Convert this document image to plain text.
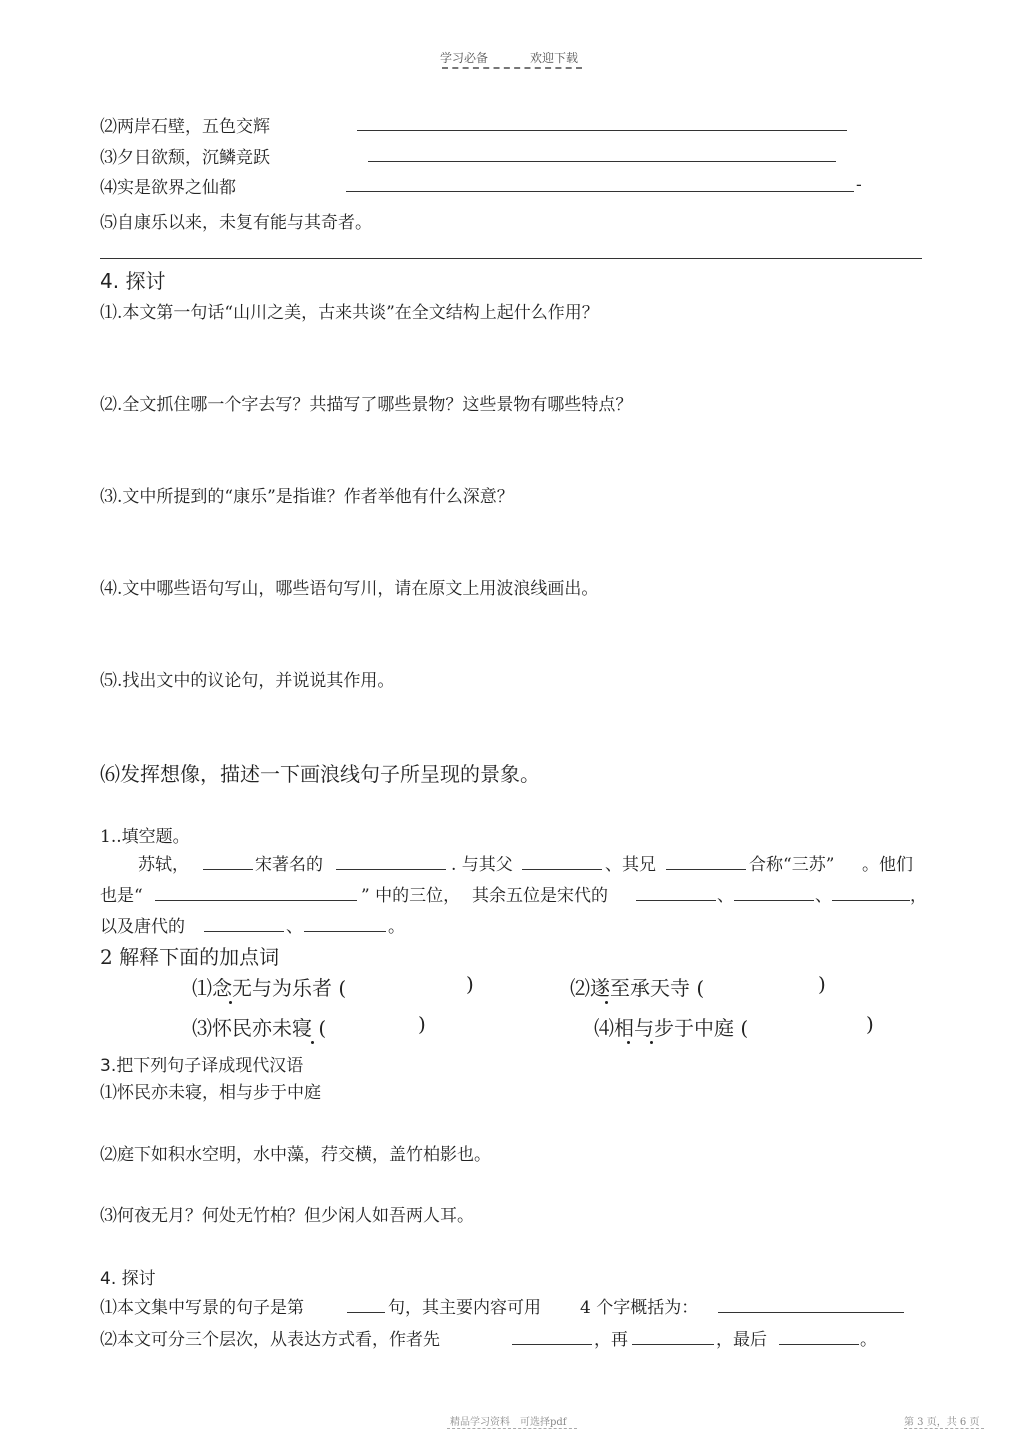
学习必备	欢迎下载
⑵两岸石壁，五色交辉
⑶夕日欲颓，沉鳞竞跃
⑷实是欲界之仙都	-
⑸自康乐以来，未复有能与其奇者。
4. 探讨
⑴.本文第一句话“山川之美，古来共谈”在全文结构上起什么作用？
⑵.全文抓住哪一个字去写？共描写了哪些景物？这些景物有哪些特点？
⑶.文中所提到的“康乐”是指谁？作者举他有什么深意？
⑷.文中哪些语句写山，哪些语句写川，请在原文上用波浪线画出。
⑸.找出文中的议论句，并说说其作用。
⑹发挥想像，描述一下画浪线句子所呈现的景象。
1..填空题。
苏轼，	宋著名的	. 与其父	、其兄	合称“三苏” 。他们
也是“	” 中的三位， 其余五位是宋代的	、	、	，
以及唐代的	、	。
2 解释下面的加点词
⑴念无与为乐者 (	)	⑵遂至承天寺 (	)
⑶怀民亦未寝 (	)	⑷相与步于中庭 (	)
3.把下列句子译成现代汉语
⑴怀民亦未寝，相与步于中庭
⑵庭下如积水空明，水中藻，荇交横，盖竹柏影也。
⑶何夜无月？何处无竹柏？但少闲人如吾两人耳。
4. 探讨
⑴本文集中写景的句子是第	句，其主要内容可用 4 个字概括为：
⑵本文可分三个层次，从表达方式看，作者先	，再	，最后	。
精品学习资料 可选择pdf	第 3 页，共 6 页
